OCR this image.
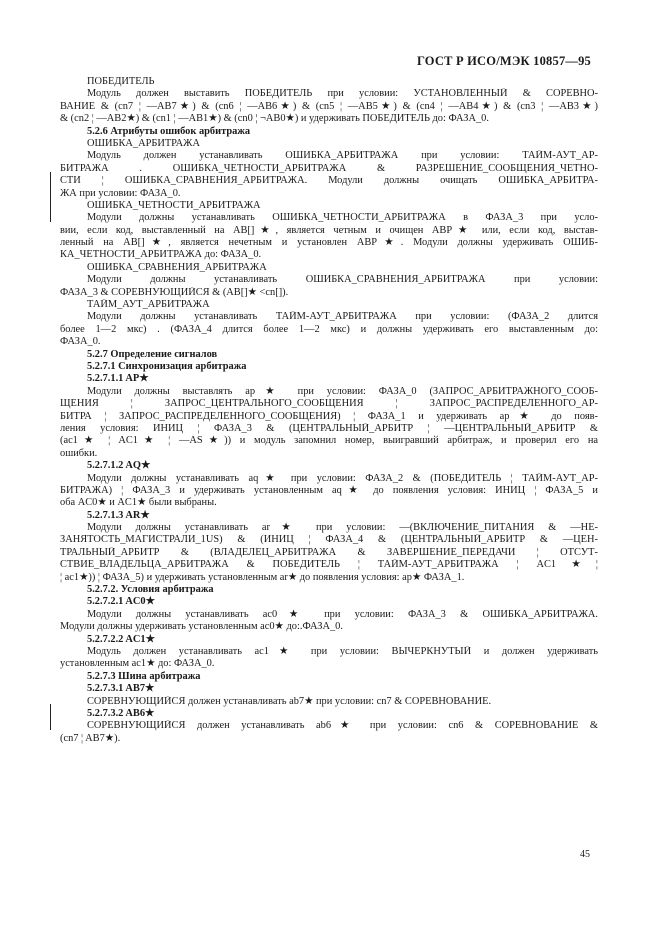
ГОСТ Р ИСО/МЭК 10857—95
ПОБЕДИТЕЛЬ
Модуль должен выставить ПОБЕДИТЕЛЬ при условии: УСТАНОВЛЕННЫЙ & СОРЕВНО-
ВАНИЕ & (cn7 ¦ —AB7★) & (cn6 ¦ —AB6★) & (cn5 ¦ —AB5★) & (cn4 ¦ —AB4★) & (cn3 ¦ —AB3★)
& (cn2 ¦ —AB2★) & (cn1 ¦ —AB1★) & (cn0 ¦ ¬AB0★) и удерживать ПОБЕДИТЕЛЬ до: ФАЗА_0.
5.2.6 Атрибуты ошибок арбитража
ОШИБКА_АРБИТРАЖА
Модуль должен устанавливать ОШИБКА_АРБИТРАЖА при условии: ТАЙМ-АУТ_АР-
БИТРАЖА . ОШИБКА_ЧЕТНОСТИ_АРБИТРАЖА & РАЗРЕШЕНИЕ_СООБЩЕНИЯ_ЧЕТНО-
СТИ ¦ ОШИБКА_СРАВНЕНИЯ_АРБИТРАЖА. Модули должны очищать ОШИБКА_АРБИТРА-
ЖА при условии: ФАЗА_0.
ОШИБКА_ЧЕТНОСТИ_АРБИТРАЖА
Модули должны устанавливать ОШИБКА_ЧЕТНОСТИ_АРБИТРАЖА в ФАЗА_3 при усло-
вии, если код, выставленный на AB[]★, является четным и очищен ABP★ или, если код, выстав-
ленный на AB[]★, является нечетным и установлен ABP★. Модули должны удерживать ОШИБ-
КА_ЧЕТНОСТИ_АРБИТРАЖА до: ФАЗА_0.
ОШИБКА_СРАВНЕНИЯ_АРБИТРАЖА
Модули должны устанавливать ОШИБКА_СРАВНЕНИЯ_АРБИТРАЖА при условии:
ФАЗА_3 & СОРЕВНУЮЩИЙСЯ & (AB[]★ <cn[]).
ТАЙМ_АУТ_АРБИТРАЖА
Модули должны устанавливать ТАЙМ-АУТ_АРБИТРАЖА при условии: (ФАЗА_2 длится
более 1—2 мкс) . (ФАЗА_4 длится более 1—2 мкс) и должны удерживать его выставленным до:
ФАЗА_0.
5.2.7 Определение сигналов
5.2.7.1 Синхронизация арбитража
5.2.7.1.1 AP★
Модули должны выставлять ap★ при условии: ФАЗА_0 (ЗАПРОС_АРБИТРАЖНОГО_СООБ-
ЩЕНИЯ ¦ ЗАПРОС_ЦЕНТРАЛЬНОГО_СООБЩЕНИЯ ¦ ЗАПРОС_РАСПРЕДЕЛЕННОГО_АР-
БИТРА ¦ ЗАПРОС_РАСПРЕДЕЛЕННОГО_СООБЩЕНИЯ) ¦ ФАЗА_1 и удерживать ap★ до появ-
ления условия: ИНИЦ ¦ ФАЗА_3 & (ЦЕНТРАЛЬНЫЙ_АРБИТР ¦ —ЦЕНТРАЛЬНЫЙ_АРБИТР &
(ac1★ ¦ AC1★ ¦ —AS★)) и модуль запомнил номер, выигравший арбитраж, и проверил его на
ошибки.
5.2.7.1.2 AQ★
Модули должны устанавливать aq★ при условии: ФАЗА_2 & (ПОБЕДИТЕЛЬ ¦ ТАЙМ-АУТ_АР-
БИТРАЖА) ¦ ФАЗА_3 и удерживать установленным aq★ до появления условия: ИНИЦ ¦ ФАЗА_5 и
оба AC0★ и AC1★ были выбраны.
5.2.7.1.3 AR★
Модули должны устанавливать ar★ при условии: —(ВКЛЮЧЕНИЕ_ПИТАНИЯ & —НЕ-
ЗАНЯТОСТЬ_МАГИСТРАЛИ_1US) & (ИНИЦ ¦ ФАЗА_4 & (ЦЕНТРАЛЬНЫЙ_АРБИТР & —ЦЕН-
ТРАЛЬНЫЙ_АРБИТР & (ВЛАДЕЛЕЦ_АРБИТРАЖА & ЗАВЕРШЕНИЕ_ПЕРЕДАЧИ ¦ ОТСУТ-
СТВИЕ_ВЛАДЕЛЬЦА_АРБИТРАЖА & ПОБЕДИТЕЛЬ ¦ ТАЙМ-АУТ_АРБИТРАЖА ¦ AC1★¦
¦ ac1★)) ¦ ФАЗА_5) и удерживать установленным ar★ до появления условия: ap★ ФАЗА_1.
5.2.7.2. Условия арбитража
5.2.7.2.1 AC0★
Модули должны устанавливать ac0★ при условии: ФАЗА_3 & ОШИБКА_АРБИТРАЖА.
Модули должны удерживать установленным ac0★ до:.ФАЗА_0.
5.2.7.2.2 AC1★
Модуль должен устанавливать ac1★ при условии: ВЫЧЕРКНУТЫЙ и должен удерживать
установленным ac1★ до: ФАЗА_0.
5.2.7.3 Шина арбитража
5.2.7.3.1 AB7★
СОРЕВНУЮЩИЙСЯ должен устанавливать ab7★ при условии: cn7 & СОРЕВНОВАНИЕ.
5.2.7.3.2 AB6★
СОРЕВНУЮЩИЙСЯ должен устанавливать ab6★ при условии: cn6 & СОРЕВНОВАНИЕ &
(cn7 ¦ AB7★).
45
